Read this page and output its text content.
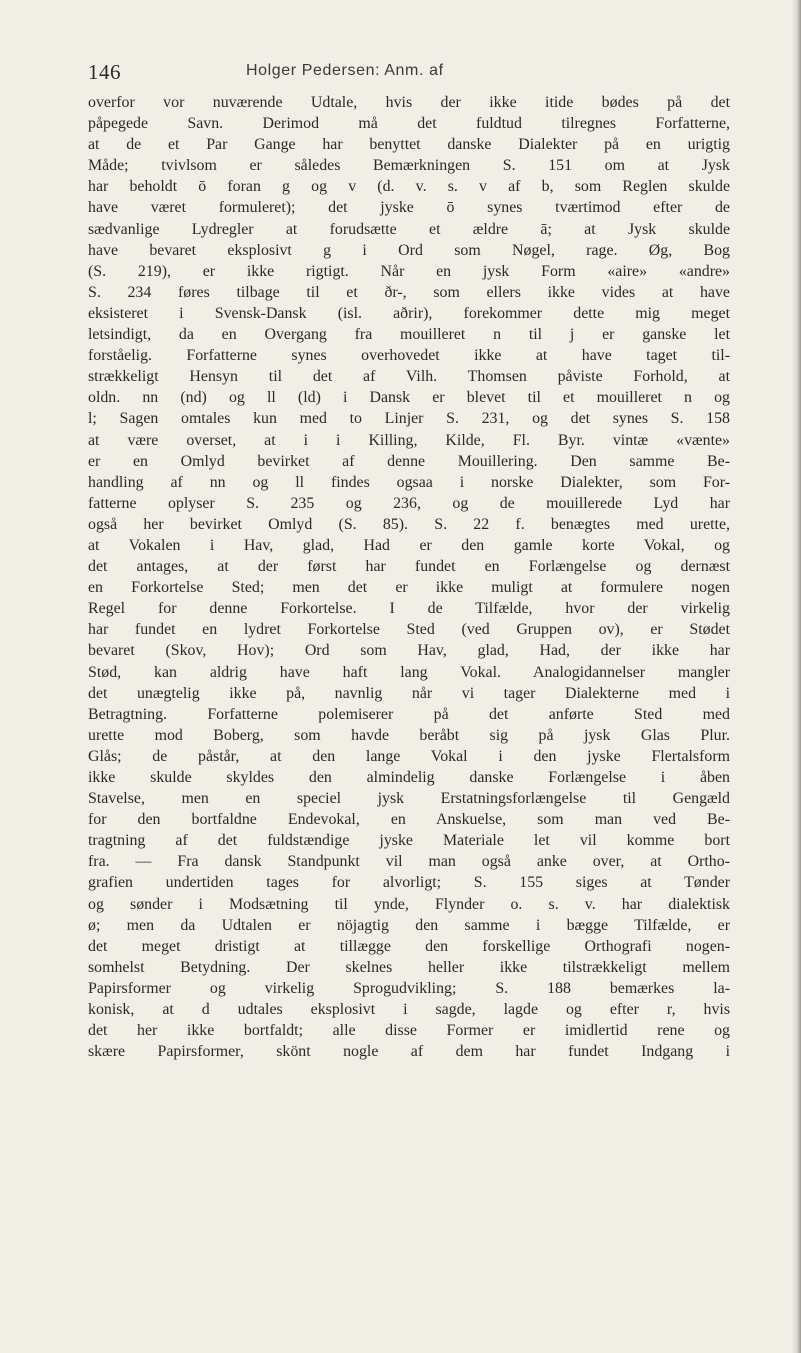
146	Holger Pedersen: Anm. af
overfor vor nuværende Udtale, hvis der ikke itide bødes på det
påpegede Savn. Derimod må det fuldtud tilregnes Forfatterne,
at de et Par Gange har benyttet danske Dialekter på en urigtig
Måde; tvivlsom er således Bemærkningen S. 151 om at Jysk
har beholdt ō foran g og v (d. v. s. v af b, som Reglen skulde
have været formuleret); det jyske ō synes tværtimod efter de
sædvanlige Lydregler at forudsætte et ældre ā; at Jysk skulde
have bevaret eksplosivt g i Ord som Nøgel, rage. Øg, Bog
(S. 219), er ikke rigtigt. Når en jysk Form «aire» «andre»
S. 234 føres tilbage til et ðr-, som ellers ikke vides at have
eksisteret i Svensk-Dansk (isl. aðrir), forekommer dette mig meget
letsindigt, da en Overgang fra mouilleret n til j er ganske let
forståelig. Forfatterne synes overhovedet ikke at have taget til-
strækkeligt Hensyn til det af Vilh. Thomsen påviste Forhold, at
oldn. nn (nd) og ll (ld) i Dansk er blevet til et mouilleret n og
l; Sagen omtales kun med to Linjer S. 231, og det synes S. 158
at være overset, at i i Killing, Kilde, Fl. Byr. vintæ «vænte»
er en Omlyd bevirket af denne Mouillering. Den samme Be-
handling af nn og ll findes ogsaa i norske Dialekter, som For-
fatterne oplyser S. 235 og 236, og de mouillerede Lyd har
også her bevirket Omlyd (S. 85). S. 22 f. benægtes med urette,
at Vokalen i Hav, glad, Had er den gamle korte Vokal, og
det antages, at der først har fundet en Forlængelse og dernæst
en Forkortelse Sted; men det er ikke muligt at formulere nogen
Regel for denne Forkortelse. I de Tilfælde, hvor der virkelig
har fundet en lydret Forkortelse Sted (ved Gruppen ov), er Stødet
bevaret (Skov, Hov); Ord som Hav, glad, Had, der ikke har
Stød, kan aldrig have haft lang Vokal. Analogidannelser mangler
det unægtelig ikke på, navnlig når vi tager Dialekterne med i
Betragtning. Forfatterne polemiserer på det anførte Sted med
urette mod Boberg, som havde beråbt sig på jysk Glas Plur.
Glås; de påstår, at den lange Vokal i den jyske Flertalsform
ikke skulde skyldes den almindelig danske Forlængelse i åben
Stavelse, men en speciel jysk Erstatningsforlængelse til Gengæld
for den bortfaldne Endevokal, en Anskuelse, som man ved Be-
tragtning af det fuldstændige jyske Materiale let vil komme bort
fra. — Fra dansk Standpunkt vil man også anke over, at Ortho-
grafien undertiden tages for alvorligt; S. 155 siges at Tønder
og sønder i Modsætning til ynde, Flynder o. s. v. har dialektisk
ø; men da Udtalen er nöjagtig den samme i bægge Tilfælde, er
det meget dristigt at tillægge den forskellige Orthografi nogen-
somhelst Betydning. Der skelnes heller ikke tilstrækkeligt mellem
Papirsformer og virkelig Sprogudvikling; S. 188 bemærkes la-
konisk, at d udtales eksplosivt i sagde, lagde og efter r, hvis
det her ikke bortfaldt; alle disse Former er imidlertid rene og
skære Papirsformer, skönt nogle af dem har fundet Indgang i
